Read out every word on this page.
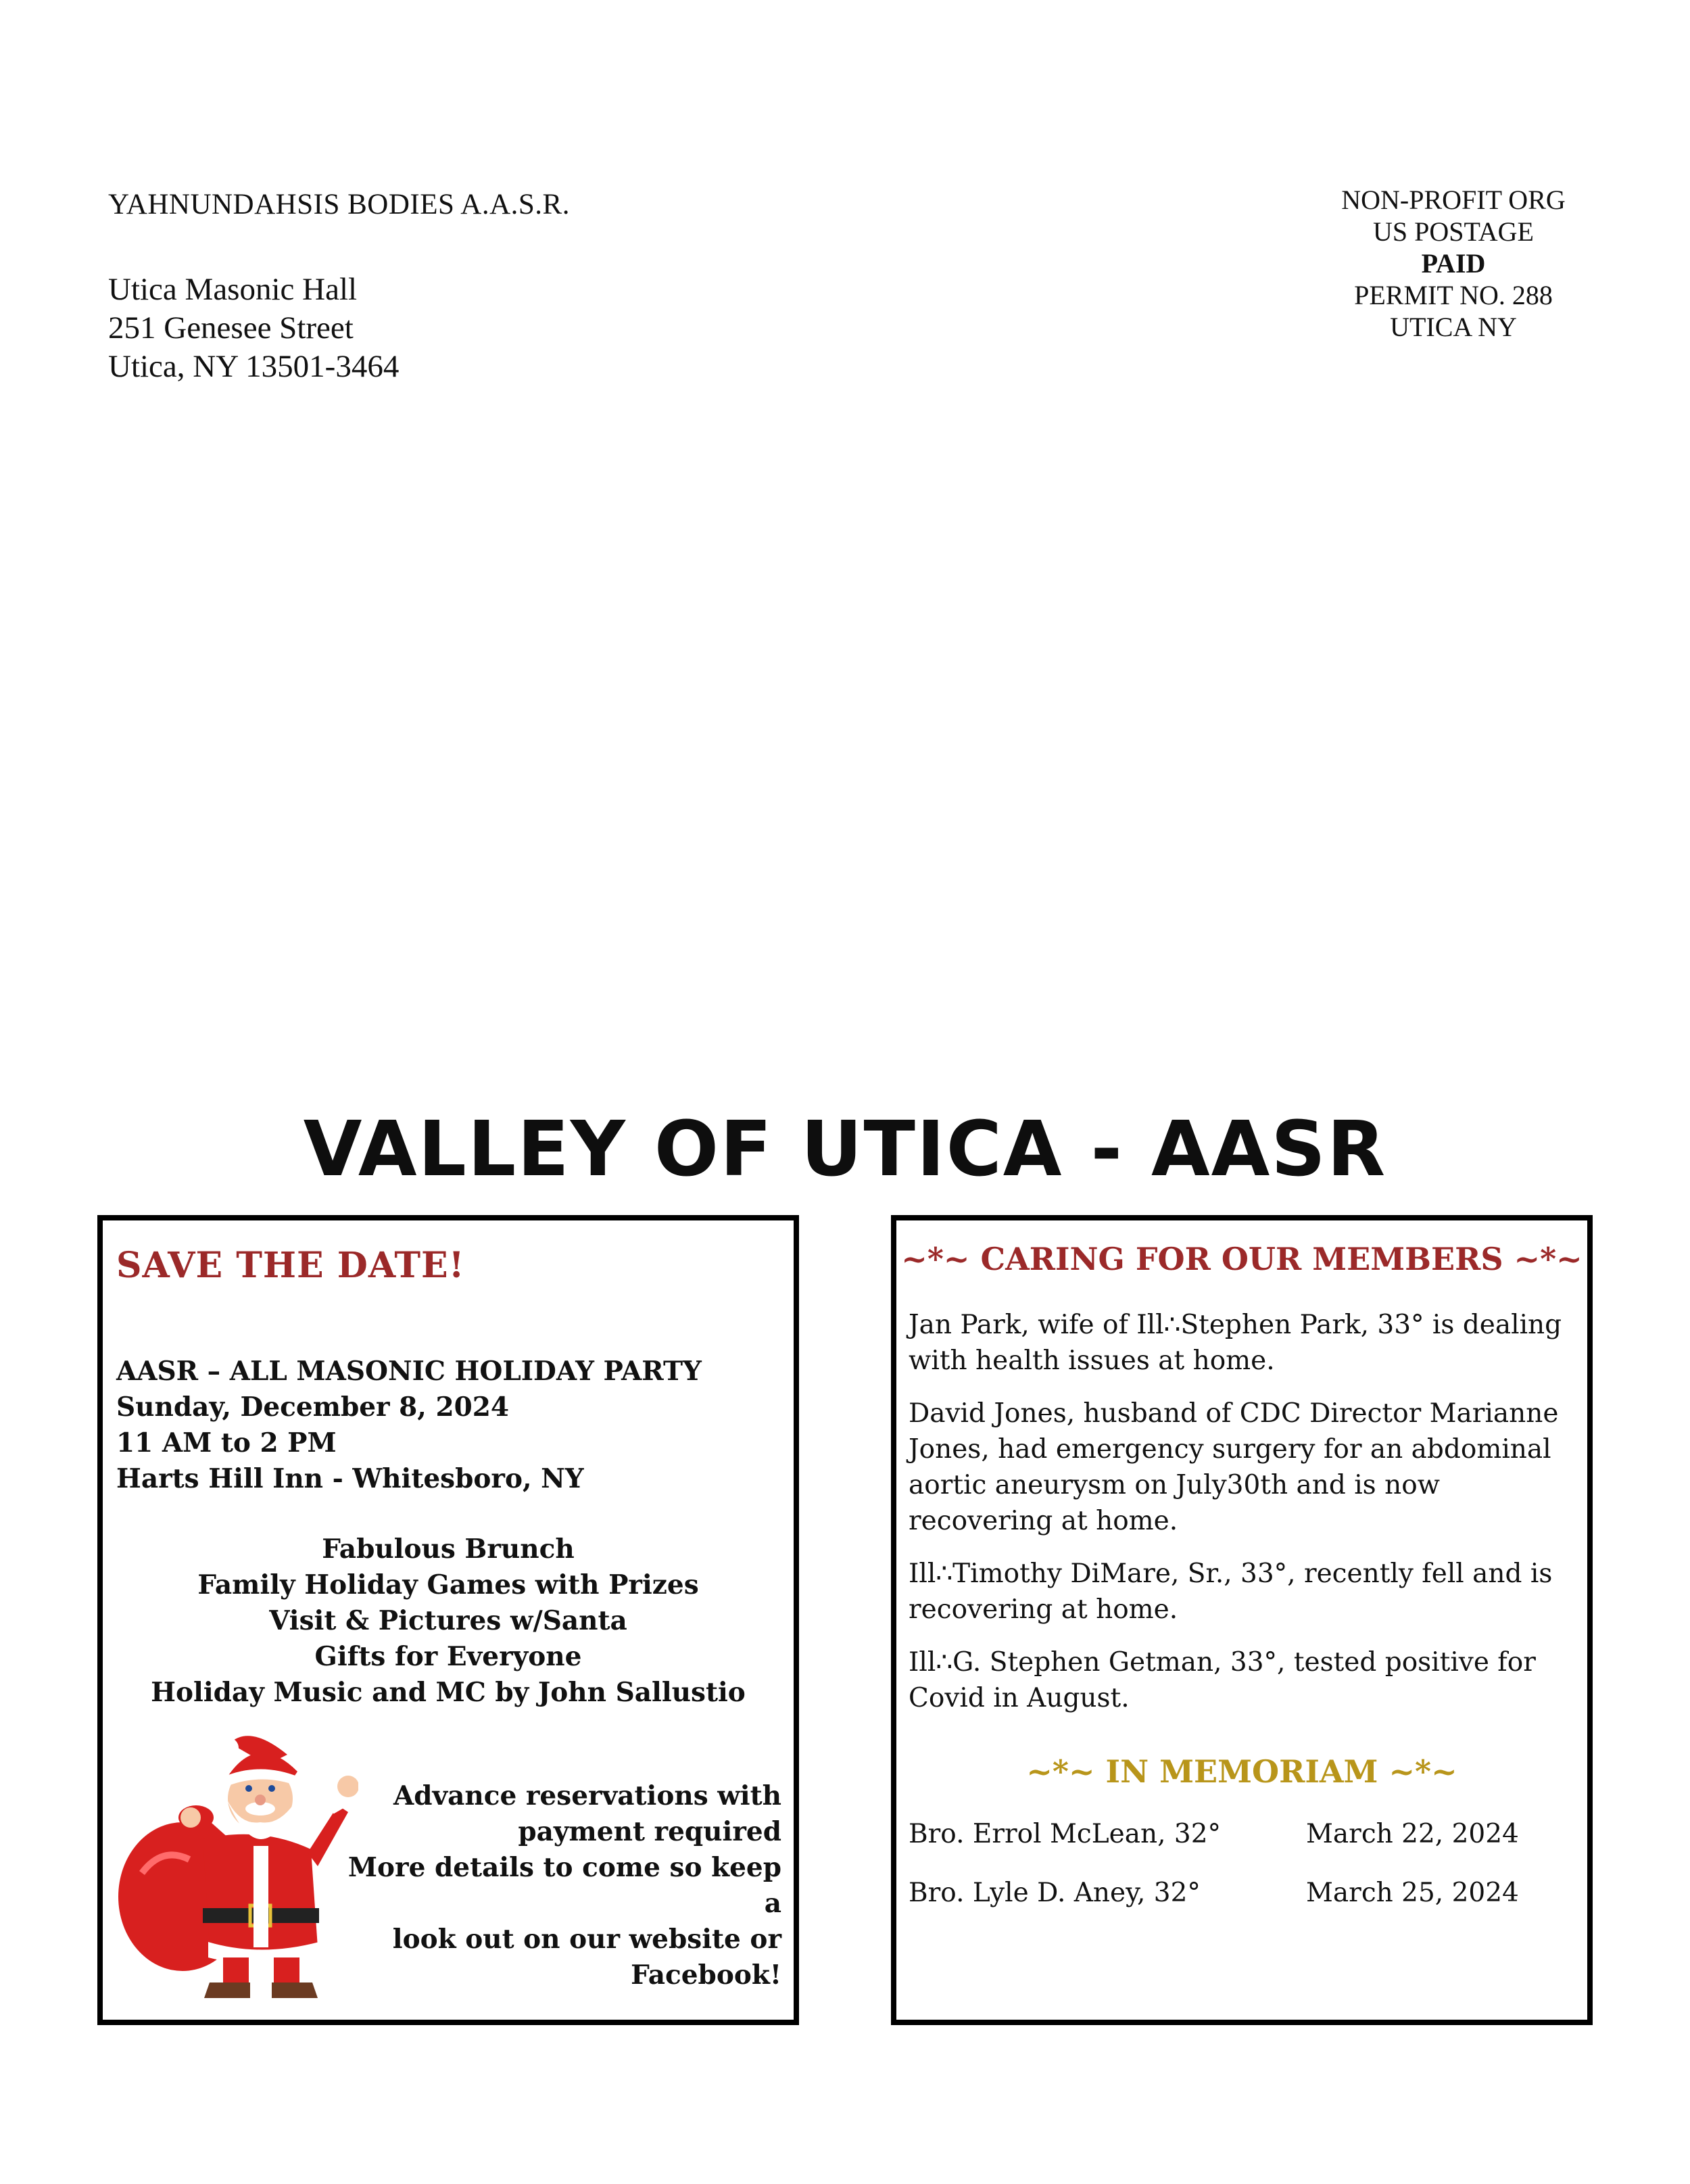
YAHNUNDAHSIS BODIES A.A.S.R.
Utica Masonic Hall
251 Genesee Street
Utica, NY 13501-3464
NON-PROFIT ORG
US POSTAGE
PAID
PERMIT NO. 288
UTICA NY
VALLEY OF UTICA - AASR
SAVE THE DATE!
AASR – ALL MASONIC HOLIDAY PARTY
Sunday, December 8, 2024
11 AM to 2 PM
Harts Hill Inn - Whitesboro, NY
Fabulous Brunch
Family Holiday Games with Prizes
Visit & Pictures w/Santa
Gifts for Everyone
Holiday Music and MC by John Sallustio
Advance reservations with
payment required
More details to come so keep a
look out on our website or
Facebook!
~*~ CARING FOR OUR MEMBERS ~*~

Jan Park, wife of Ill∴Stephen Park, 33° is dealing with health issues at home.

David Jones, husband of CDC Director Marianne Jones, had emergency surgery for an abdominal aortic aneurysm on July30th and is now recovering at home.

Ill∴Timothy DiMare, Sr., 33°, recently fell and is recovering at home.

Ill∴G. Stephen Getman, 33°, tested positive for Covid in August.

~*~ IN MEMORIAM ~*~
Bro. Errol McLean, 32°	March 22, 2024
Bro. Lyle D. Aney, 32°	March 25, 2024
